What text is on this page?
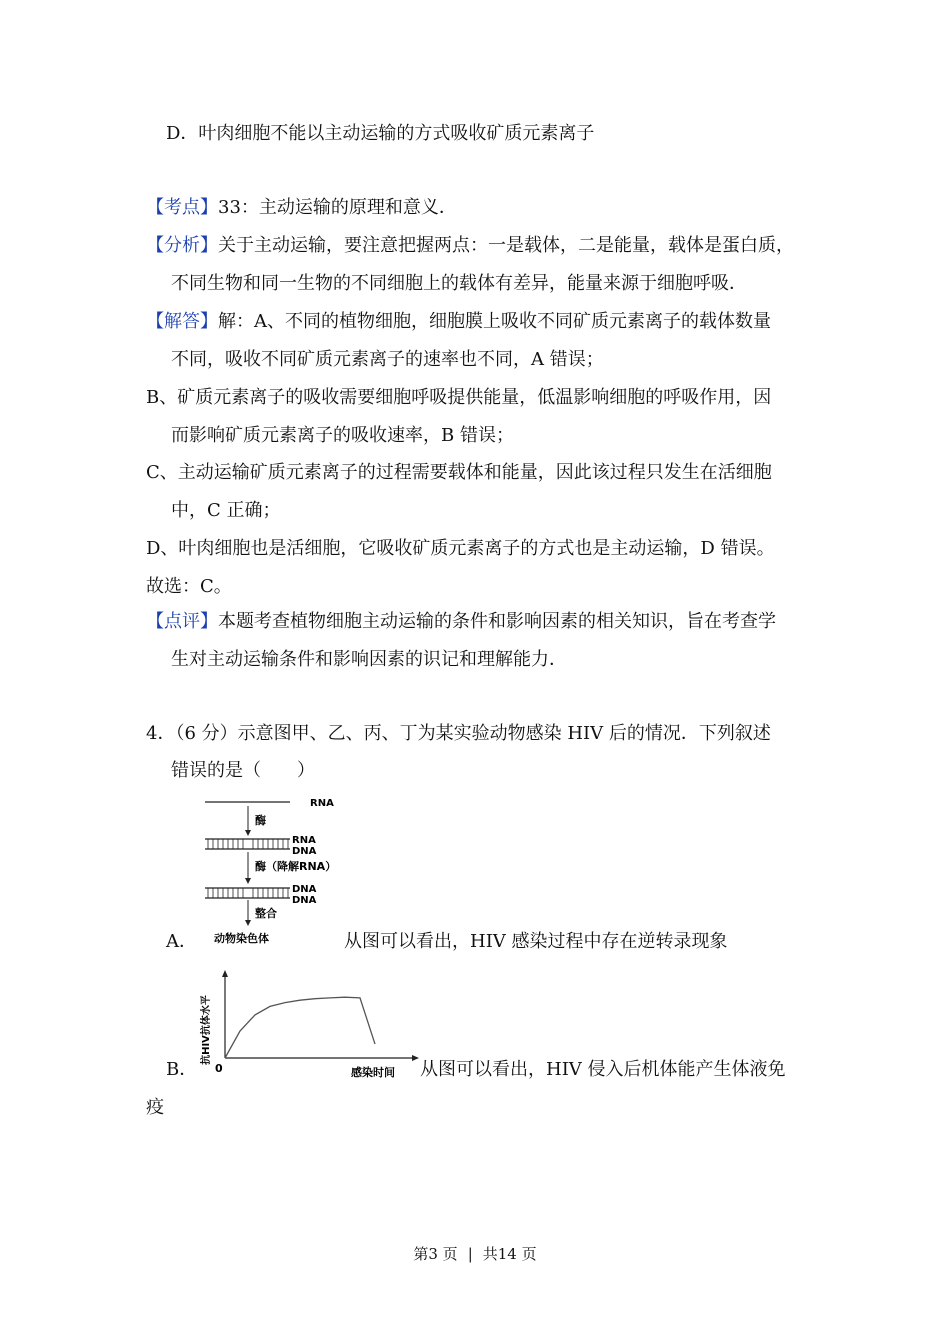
D．叶肉细胞不能以主动运输的方式吸收矿质元素离子
【考点】33：主动运输的原理和意义．
【分析】关于主动运输，要注意把握两点：一是载体，二是能量，载体是蛋白质，
不同生物和同一生物的不同细胞上的载体有差异，能量来源于细胞呼吸．
【解答】解：A、不同的植物细胞，细胞膜上吸收不同矿质元素离子的载体数量
不同，吸收不同矿质元素离子的速率也不同，A 错误；
B、矿质元素离子的吸收需要细胞呼吸提供能量，低温影响细胞的呼吸作用，因
而影响矿质元素离子的吸收速率，B 错误；
C、主动运输矿质元素离子的过程需要载体和能量，因此该过程只发生在活细胞
中，C 正确；
D、叶肉细胞也是活细胞，它吸收矿质元素离子的方式也是主动运输，D 错误。
故选：C。
【点评】本题考查植物细胞主动运输的条件和影响因素的相关知识，旨在考查学
生对主动运输条件和影响因素的识记和理解能力．
4．（6 分）示意图甲、乙、丙、丁为某实验动物感染 HIV 后的情况．下列叙述
错误的是（　　）
RNA
酶
RNA
DNA
酶（降解RNA）
DNA
DNA
整合
动物染色体
A．	从图可以看出，HIV 感染过程中存在逆转录现象
抗HIV抗体水平
0	感染时间
B．	从图可以看出，HIV 侵入后机体能产生体液免
疫
第3 页 | 共14 页
